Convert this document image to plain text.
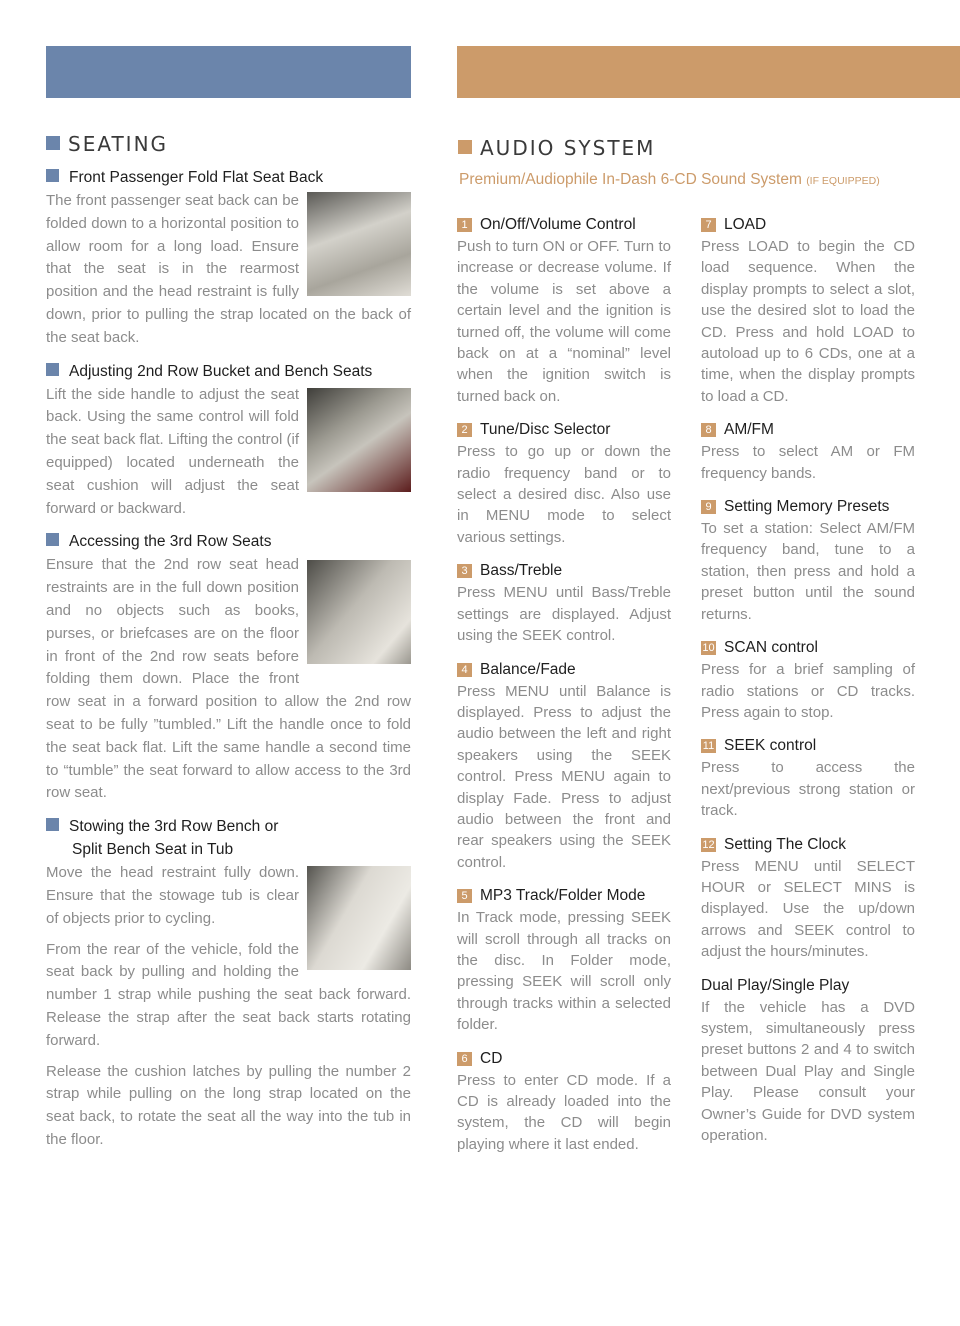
SEATING	AUDIO SYSTEM
Premium/Audiophile In-Dash 6-CD Sound System (IF EQUIPPED)
Front Passenger Fold Flat Seat Back

The front passenger seat back can be folded down to a horizontal position to allow room for a long load. Ensure that the seat is in the rearmost position and the head restraint is fully down, prior to pulling the strap located on the back of the seat back.

Adjusting 2nd Row Bucket and Bench Seats

Lift the side handle to adjust the seat back. Using the same control will fold the seat back flat. Lifting the control (if equipped) located underneath the seat cushion will adjust the seat forward or backward.

Accessing the 3rd Row Seats

Ensure that the 2nd row seat head restraints are in the full down position and no objects such as books, purses, or briefcases are on the floor in front of the 2nd row seats before folding them down. Place the front row seat in a forward position to allow the 2nd row seat to be fully ”tumbled.” Lift the handle once to fold the seat back flat. Lift the same handle a second time to “tumble” the seat forward to allow access to the 3rd row seat.

Stowing the 3rd Row Bench or
Split Bench Seat in Tub

Move the head restraint fully down. Ensure that the stowage tub is clear of objects prior to cycling.

From the rear of the vehicle, fold the seat back by pulling and holding the number 1 strap while pushing the seat back forward. Release the strap after the seat back starts rotating forward.

Release the cushion latches by pulling the number 2 strap while pulling on the long strap located on the seat back, to rotate the seat all the way into the tub in the floor.

1 On/Off/Volume Control

Push to turn ON or OFF. Turn to increase or decrease volume. If the volume is set above a certain level and the ignition is turned off, the volume will come back on at a “nominal” level when the ignition switch is turned back on.

2 Tune/Disc Selector

Press to go up or down the radio frequency band or to select a desired disc. Also use in MENU mode to select various settings.

3 Bass/Treble

Press MENU until Bass/Treble settings are displayed. Adjust using the SEEK control.

4 Balance/Fade

Press MENU until Balance is displayed. Press to adjust the audio between the left and right speakers using the SEEK control. Press MENU again to display Fade. Press to adjust audio between the front and rear speakers using the SEEK control.

5 MP3 Track/Folder Mode

In Track mode, pressing SEEK will scroll through all tracks on the disc. In Folder mode, pressing SEEK will scroll only through tracks within a selected folder.

6 CD

Press to enter CD mode. If a CD is already loaded into the system, the CD will begin playing where it last ended.

7 LOAD

Press LOAD to begin the CD load sequence. When the display prompts to select a slot, use the desired slot to load the CD. Press and hold LOAD to autoload up to 6 CDs, one at a time, when the display prompts to load a CD.

8 AM/FM

Press to select AM or FM frequency bands.

9 Setting Memory Presets

To set a station: Select AM/FM frequency band, tune to a station, then press and hold a preset button until the sound returns.

10 SCAN control

Press for a brief sampling of radio stations or CD tracks. Press again to stop.

11 SEEK control

Press to access the next/previous strong station or track.

12 Setting The Clock

Press MENU until SELECT HOUR or SELECT MINS is displayed. Use the up/down arrows and SEEK control to adjust the hours/minutes.

Dual Play/Single Play

If the vehicle has a DVD system, simultaneously press preset buttons 2 and 4 to switch between Dual Play and Single Play. Please consult your Owner’s Guide for DVD system operation.
